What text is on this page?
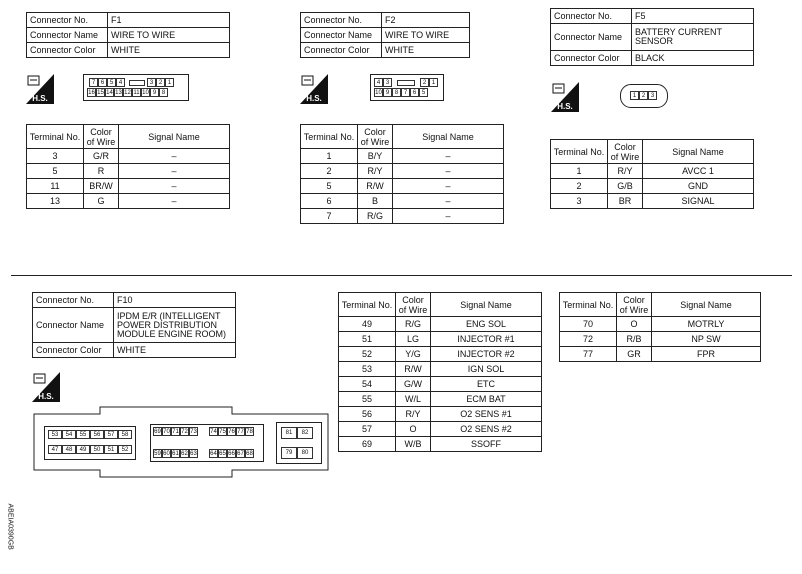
Connector No.	F1
Connector Name	WIRE TO WIRE
Connector Color	WHITE
H.S.
7 6 5 4	3 2 1
16 15 14 13 12 11 10 9 8
Terminal No.	Color of Wire	Signal Name
3	G/R	–
5	R	–
11	BR/W	–
13	G	–
Connector No.	F2
Connector Name	WIRE TO WIRE
Connector Color	WHITE
H.S.
4 3	2 1
10 9 8 7 6 5
Terminal No.	Color of Wire	Signal Name
1	B/Y	–
2	R/Y	–
5	R/W	–
6	B	–
7	R/G	–
Connector No.	F5
Connector Name	BATTERY CURRENT SENSOR
Connector Color	BLACK
H.S.
1 2 3
Terminal No.	Color of Wire	Signal Name
1	R/Y	AVCC 1
2	G/B	GND
3	BR	SIGNAL
Connector No.	F10
Connector Name	IPDM E/R (INTELLIGENT POWER DISTRIBUTION MODULE ENGINE ROOM)
Connector Color	WHITE
H.S.
53	54	55	56	57	58
47	48	49	50	51	52
69 70 71 72 73 74 75 76 77 78
59 60 61 62 63 64 65 66 67 68
81	82
79	80
Terminal No.	Color of Wire	Signal Name
49	R/G	ENG SOL
51	LG	INJECTOR #1
52	Y/G	INJECTOR #2
53	R/W	IGN SOL
54	G/W	ETC
55	W/L	ECM BAT
56	R/Y	O2 SENS #1
57	O	O2 SENS #2
69	W/B	SSOFF
Terminal No.	Color of Wire	Signal Name
70	O	MOTRLY
72	R/B	NP SW
77	GR	FPR
ABEIA0390GB
